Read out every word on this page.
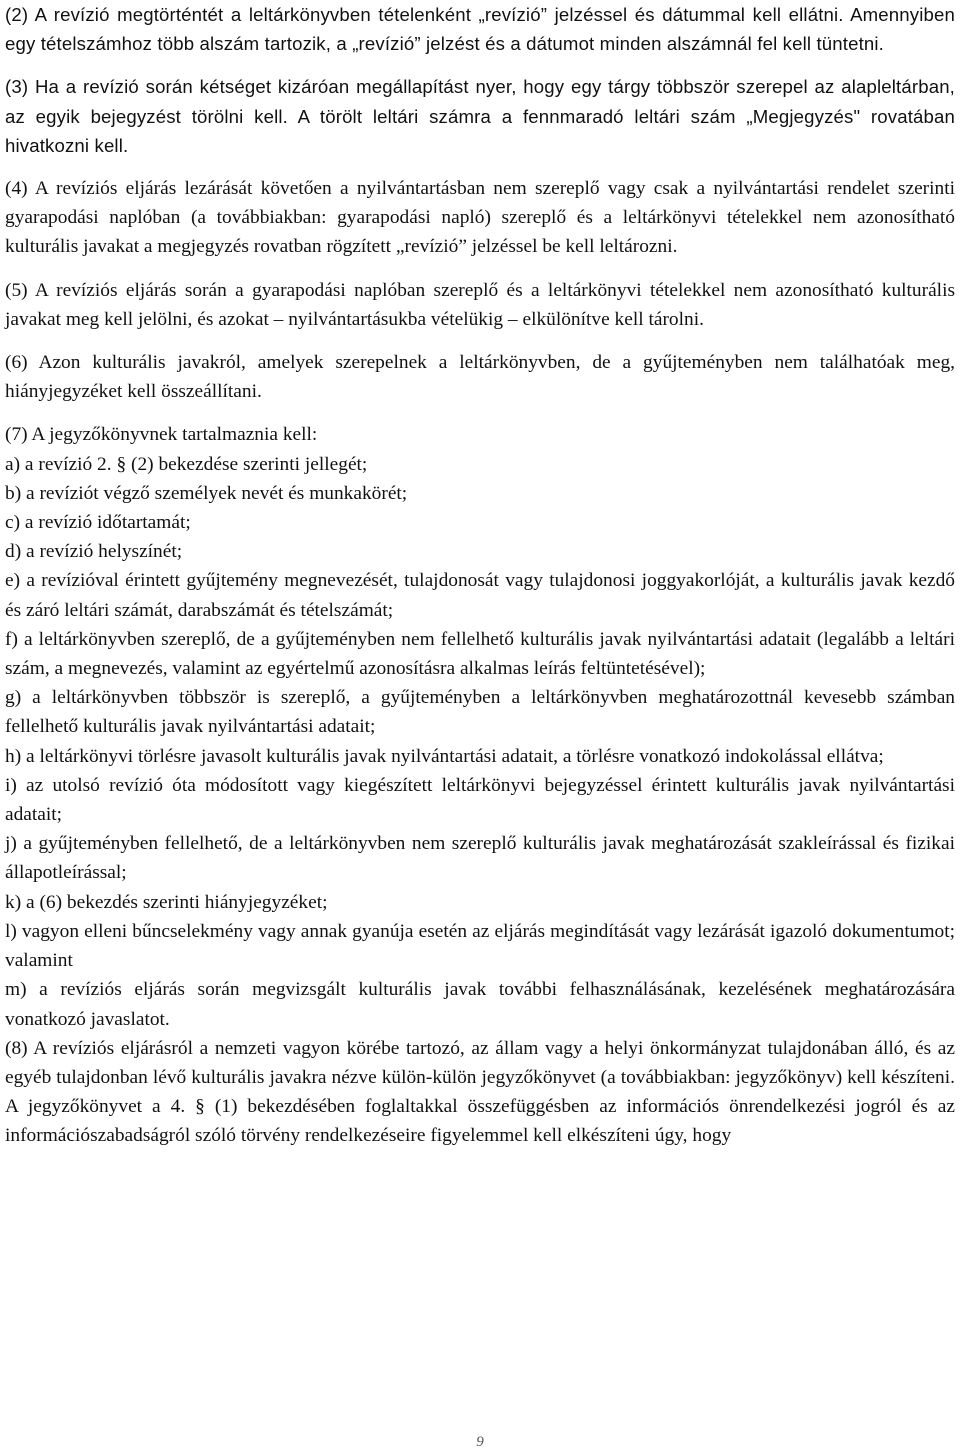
(2) A revízió megtörténtét a leltárkönyvben tételenként „revízió” jelzéssel és dátummal kell ellátni. Amennyiben egy tételszámhoz több alszám tartozik, a „revízió” jelzést és a dátumot minden alszámnál fel kell tüntetni.

(3) Ha a revízió során kétséget kizáróan megállapítást nyer, hogy egy tárgy többször szerepel az alapleltárban, az egyik bejegyzést törölni kell. A törölt leltári számra a fennmaradó leltári szám „Megjegyzés" rovatában hivatkozni kell.

(4) A revíziós eljárás lezárását követően a nyilvántartásban nem szereplő vagy csak a nyilvántartási rendelet szerinti gyarapodási naplóban (a továbbiakban: gyarapodási napló) szereplő és a leltárkönyvi tételekkel nem azonosítható kulturális javakat a megjegyzés rovatban rögzített „revízió” jelzéssel be kell leltározni.

(5) A revíziós eljárás során a gyarapodási naplóban szereplő és a leltárkönyvi tételekkel nem azonosítható kulturális javakat meg kell jelölni, és azokat – nyilvántartásukba vételükig – elkülönítve kell tárolni.

(6) Azon kulturális javakról, amelyek szerepelnek a leltárkönyvben, de a gyűjteményben nem találhatóak meg, hiányjegyzéket kell összeállítani.

(7) A jegyzőkönyvnek tartalmaznia kell:

a) a revízió 2. § (2) bekezdése szerinti jellegét;

b) a revíziót végző személyek nevét és munkakörét;

c) a revízió időtartamát;

d) a revízió helyszínét;

e) a revízióval érintett gyűjtemény megnevezését, tulajdonosát vagy tulajdonosi joggyakorlóját, a kulturális javak kezdő és záró leltári számát, darabszámát és tételszámát;

f) a leltárkönyvben szereplő, de a gyűjteményben nem fellelhető kulturális javak nyilvántartási adatait (legalább a leltári szám, a megnevezés, valamint az egyértelmű azonosításra alkalmas leírás feltüntetésével);

g) a leltárkönyvben többször is szereplő, a gyűjteményben a leltárkönyvben meghatározottnál kevesebb számban fellelhető kulturális javak nyilvántartási adatait;

h) a leltárkönyvi törlésre javasolt kulturális javak nyilvántartási adatait, a törlésre vonatkozó indokolással ellátva;

i) az utolsó revízió óta módosított vagy kiegészített leltárkönyvi bejegyzéssel érintett kulturális javak nyilvántartási adatait;

j) a gyűjteményben fellelhető, de a leltárkönyvben nem szereplő kulturális javak meghatározását szakleírással és fizikai állapotleírással;

k) a (6) bekezdés szerinti hiányjegyzéket;

l) vagyon elleni bűncselekmény vagy annak gyanúja esetén az eljárás megindítását vagy lezárását igazoló dokumentumot; valamint

m) a revíziós eljárás során megvizsgált kulturális javak további felhasználásának, kezelésének meghatározására vonatkozó javaslatot.

(8) A revíziós eljárásról a nemzeti vagyon körébe tartozó, az állam vagy a helyi önkormányzat tulajdonában álló, és az egyéb tulajdonban lévő kulturális javakra nézve külön-külön jegyzőkönyvet (a továbbiakban: jegyzőkönyv) kell készíteni. A jegyzőkönyvet a 4. § (1) bekezdésében foglaltakkal összefüggésben az információs önrendelkezési jogról és az információszabadságról szóló törvény rendelkezéseire figyelemmel kell elkészíteni úgy, hogy

9
